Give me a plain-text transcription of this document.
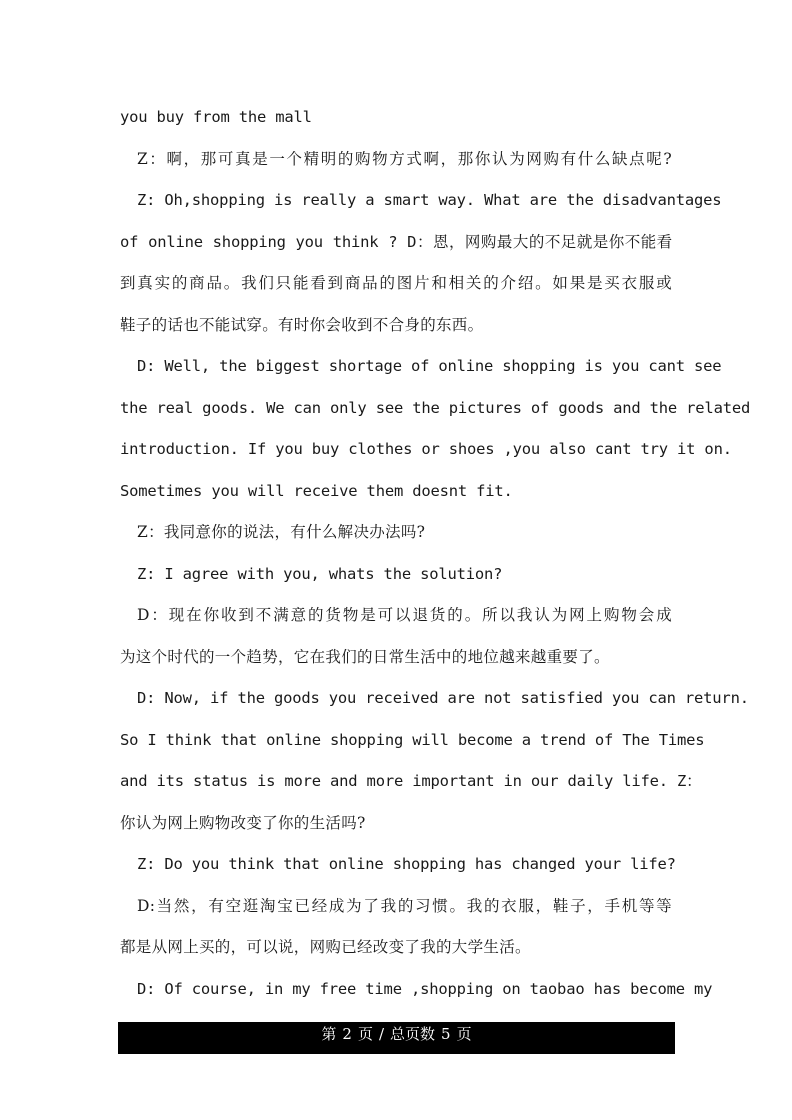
you buy from the mall
Z：啊，那可真是一个精明的购物方式啊，那你认为网购有什么缺点呢?
Z: Oh,shopping is really a smart way. What are the disadvantages
of online shopping you think ? D：恩，网购最大的不足就是你不能看
到真实的商品。我们只能看到商品的图片和相关的介绍。如果是买衣服或
鞋子的话也不能试穿。有时你会收到不合身的东西。
D: Well, the biggest shortage of online shopping is you cant see
the real goods. We can only see the pictures of goods and the related
introduction. If you buy clothes or shoes ,you also cant try it on.
Sometimes you will receive them doesnt fit.
Z：我同意你的说法，有什么解决办法吗?
Z: I agree with you, whats the solution?
D：现在你收到不满意的货物是可以退货的。所以我认为网上购物会成
为这个时代的一个趋势，它在我们的日常生活中的地位越来越重要了。
D: Now, if the goods you received are not satisfied you can return.
So I think that online shopping will become a trend of The Times
and its status is more and more important in our daily life. Z：
你认为网上购物改变了你的生活吗?
Z: Do you think that online shopping has changed your life?
D:当然，有空逛淘宝已经成为了我的习惯。我的衣服，鞋子，手机等等
都是从网上买的，可以说，网购已经改变了我的大学生活。
D: Of course, in my free time ,shopping on taobao has become my
第 2 页 / 总页数 5 页
